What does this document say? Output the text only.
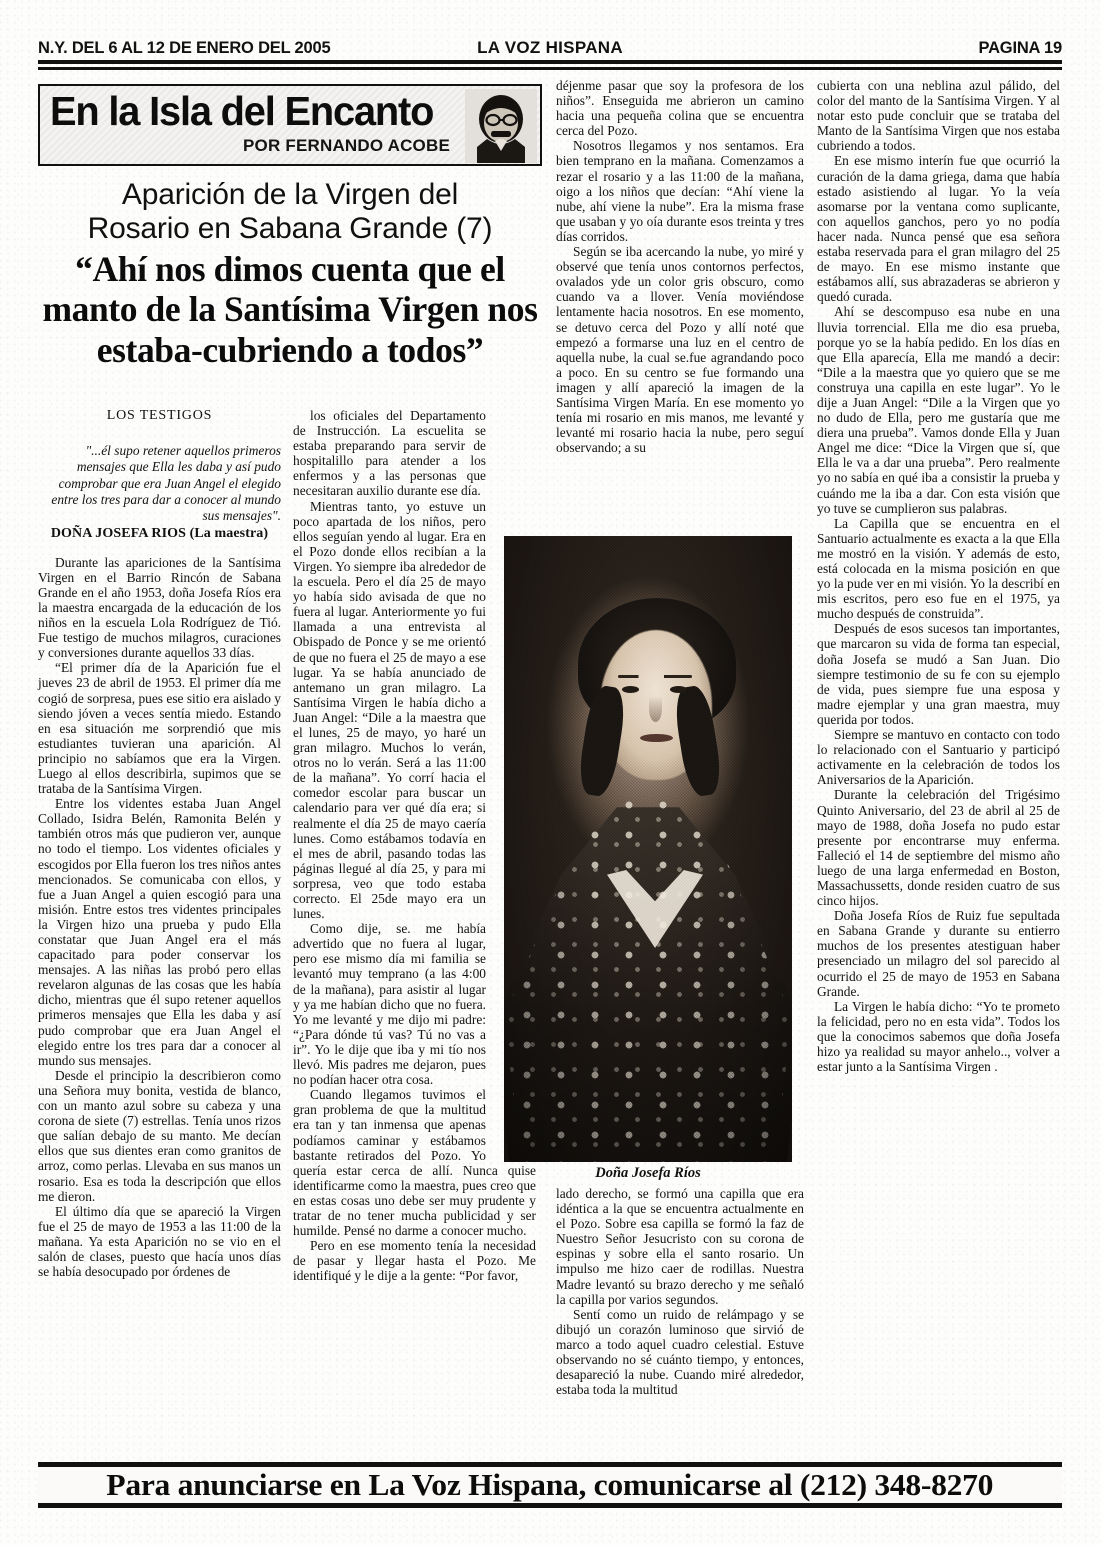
N.Y. DEL 6 AL 12 DE ENERO DEL 2005	LA VOZ HISPANA	PAGINA 19
En la Isla del Encanto
POR FERNANDO ACOBE
Aparición de la Virgen del
Rosario en Sabana Grande (7)
“Ahí nos dimos cuenta que el manto de la Santísima Virgen nos estaba-cubriendo a todos”
LOS TESTIGOS
"...él supo retener aquellos primeros mensajes que Ella les daba y así pudo comprobar que era Juan Angel el elegido entre los tres para dar a conocer al mundo sus mensajes".
DOÑA JOSEFA RIOS (La maestra)

Durante las apariciones de la Santísima Virgen en el Barrio Rincón de Sabana Grande en el año 1953, doña Josefa Ríos era la maestra encargada de la educación de los niños en la escuela Lola Rodríguez de Tió. Fue testigo de muchos milagros, curaciones y conversiones durante aquellos 33 días.

“El primer día de la Aparición fue el jueves 23 de abril de 1953. El primer día me cogió de sorpresa, pues ese sitio era aislado y siendo jóven a veces sentía miedo. Estando en esa situación me sorprendió que mis estudiantes tuvieran una aparición. Al principio no sabíamos que era la Virgen. Luego al ellos describirla, supimos que se trataba de la Santísima Virgen.

Entre los videntes estaba Juan Angel Collado, Isidra Belén, Ramonita Belén y también otros más que pudieron ver, aunque no todo el tiempo. Los videntes oficiales y escogidos por Ella fueron los tres niños antes mencionados. Se comunicaba con ellos, y fue a Juan Angel a quien escogió para una misión. Entre estos tres videntes principales la Virgen hizo una prueba y pudo Ella constatar que Juan Angel era el más capacitado para poder conservar los mensajes. A las niñas las probó pero ellas revelaron algunas de las cosas que les había dicho, mientras que él supo retener aquellos primeros mensajes que Ella les daba y así pudo comprobar que era Juan Angel el elegido entre los tres para dar a conocer al mundo sus mensajes.

Desde el principio la describieron como una Señora muy bonita, vestida de blanco, con un manto azul sobre su cabeza y una corona de siete (7) estrellas. Tenía unos rizos que salían debajo de su manto. Me decían ellos que sus dientes eran como granitos de arroz, como perlas. Llevaba en sus manos un rosario. Esa es toda la descripción que ellos me dieron.

El último día que se apareció la Virgen fue el 25 de mayo de 1953 a las 11:00 de la mañana. Ya esta Aparición no se vio en el salón de clases, puesto que hacía unos días se había desocupado por órdenes de

los oficiales del Departamento de Instrucción. La escuelita se estaba preparando para servir de hospitalillo para atender a los enfermos y a las personas que necesitaran auxilio durante ese día.

Mientras tanto, yo estuve un poco apartada de los niños, pero ellos seguían yendo al lugar. Era en el Pozo donde ellos recibían a la Virgen. Yo siempre iba alrededor de la escuela. Pero el día 25 de mayo yo había sido avisada de que no fuera al lugar. Anteriormente yo fui llamada a una entrevista al Obispado de Ponce y se me orientó de que no fuera el 25 de mayo a ese lugar. Ya se había anunciado de antemano un gran milagro. La Santísima Virgen le había dicho a Juan Angel: “Dile a la maestra que el lunes, 25 de mayo, yo haré un gran milagro. Muchos lo verán, otros no lo verán. Será a las 11:00 de la mañana”. Yo corrí hacia el comedor escolar para buscar un calendario para ver qué día era; si realmente el día 25 de mayo caería lunes. Como estábamos todavía en el mes de abril, pasando todas las páginas llegué al día 25, y para mi sorpresa, veo que todo estaba correcto. El 25de mayo era un lunes.

Como dije, se. me había advertido que no fuera al lugar, pero ese mismo día mi familia se levantó muy temprano (a las 4:00 de la mañana), para asistir al lugar y ya me habían dicho que no fuera. Yo me levanté y me dijo mi padre: “¿Para dónde tú vas? Tú no vas a ir”. Yo le dije que iba y mi tío nos llevó. Mis padres me dejaron, pues no podían hacer otra cosa.

Cuando llegamos tuvimos el gran problema de que la multitud era tan y tan inmensa que apenas podíamos caminar y estábamos bastante retirados del Pozo. Yo quería estar cerca de allí. Nunca quise identificarme como la maestra, pues creo que en estas cosas uno debe ser muy prudente y tratar de no tener mucha publicidad y ser humilde. Pensé no darme a conocer mucho.

Pero en ese momento tenía la necesidad de pasar y llegar hasta el Pozo. Me identifiqué y le dije a la gente: “Por favor,

déjenme pasar que soy la profesora de los niños”. Enseguida me abrieron un camino hacia una pequeña colina que se encuentra cerca del Pozo.

Nosotros llegamos y nos sentamos. Era bien temprano en la mañana. Comenzamos a rezar el rosario y a las 11:00 de la mañana, oigo a los niños que decían: “Ahí viene la nube, ahí viene la nube”. Era la misma frase que usaban y yo oía durante esos treinta y tres días corridos.

Según se iba acercando la nube, yo miré y observé que tenía unos contornos perfectos, ovalados yde un color gris obscuro, como cuando va a llover. Venía moviéndose lentamente hacia nosotros. En ese momento, se detuvo cerca del Pozo y allí noté que empezó a formarse una luz en el centro de aquella nube, la cual se.fue agrandando poco a poco. En su centro se fue formando una imagen y allí apareció la imagen de la Santísima Virgen María. En ese momento yo tenía mi rosario en mis manos, me levanté y levanté mi rosario hacia la nube, pero seguí observando; a su

lado derecho, se formó una capilla que era idéntica a la que se encuentra actualmente en el Pozo. Sobre esa capilla se formó la faz de Nuestro Señor Jesucristo con su corona de espinas y sobre ella el santo rosario. Un impulso me hizo caer de rodillas. Nuestra Madre levantó su brazo derecho y me señaló la capilla por varios segundos.

Sentí como un ruido de relámpago y se dibujó un corazón luminoso que sirvió de marco a todo aquel cuadro celestial. Estuve observando no sé cuánto tiempo, y entonces, desapareció la nube. Cuando miré alrededor, estaba toda la multitud

Doña Josefa Ríos

cubierta con una neblina azul pálido, del color del manto de la Santísima Virgen. Y al notar esto pude concluir que se trataba del Manto de la Santísima Virgen que nos estaba cubriendo a todos.

En ese mismo interín fue que ocurrió la curación de la dama griega, dama que había estado asistiendo al lugar. Yo la veía asomarse por la ventana como suplicante, con aquellos ganchos, pero yo no podía hacer nada. Nunca pensé que esa señora estaba reservada para el gran milagro del 25 de mayo. En ese mismo instante que estábamos allí, sus abrazaderas se abrieron y quedó curada.

Ahí se descompuso esa nube en una lluvia torrencial. Ella me dio esa prueba, porque yo se la había pedido. En los días en que Ella aparecía, Ella me mandó a decir: “Dile a la maestra que yo quiero que se me construya una capilla en este lugar”. Yo le dije a Juan Angel: “Dile a la Virgen que yo no dudo de Ella, pero me gustaría que me diera una prueba”. Vamos donde Ella y Juan Angel me dice: “Dice la Virgen que sí, que Ella le va a dar una prueba”. Pero realmente yo no sabía en qué iba a consistir la prueba y cuándo me la iba a dar. Con esta visión que yo tuve se cumplieron sus palabras.

La Capilla que se encuentra en el Santuario actualmente es exacta a la que Ella me mostró en la visión. Y además de esto, está colocada en la misma posición en que yo la pude ver en mi visión. Yo la describí en mis escritos, pero eso fue en el 1975, ya mucho después de construida”.

Después de esos sucesos tan importantes, que marcaron su vida de forma tan especial, doña Josefa se mudó a San Juan. Dio siempre testimonio de su fe con su ejemplo de vida, pues siempre fue una esposa y madre ejemplar y una gran maestra, muy querida por todos.

Siempre se mantuvo en contacto con todo lo relacionado con el Santuario y participó activamente en la celebración de todos los Aniversarios de la Aparición.

Durante la celebración del Trigésimo Quinto Aniversario, del 23 de abril al 25 de mayo de 1988, doña Josefa no pudo estar presente por encontrarse muy enferma. Falleció el 14 de septiembre del mismo año luego de una larga enfermedad en Boston, Massachussetts, donde residen cuatro de sus cinco hijos.

Doña Josefa Ríos de Ruiz fue sepultada en Sabana Grande y durante su entierro muchos de los presentes atestiguan haber presenciado un milagro del sol parecido al ocurrido el 25 de mayo de 1953 en Sabana Grande.

La Virgen le había dicho: “Yo te prometo la felicidad, pero no en esta vida”. Todos los que la conocimos sabemos que doña Josefa hizo ya realidad su mayor anhelo.., volver a estar junto a la Santísima Virgen .

Para anunciarse en La Voz Hispana, comunicarse al (212) 348-8270
